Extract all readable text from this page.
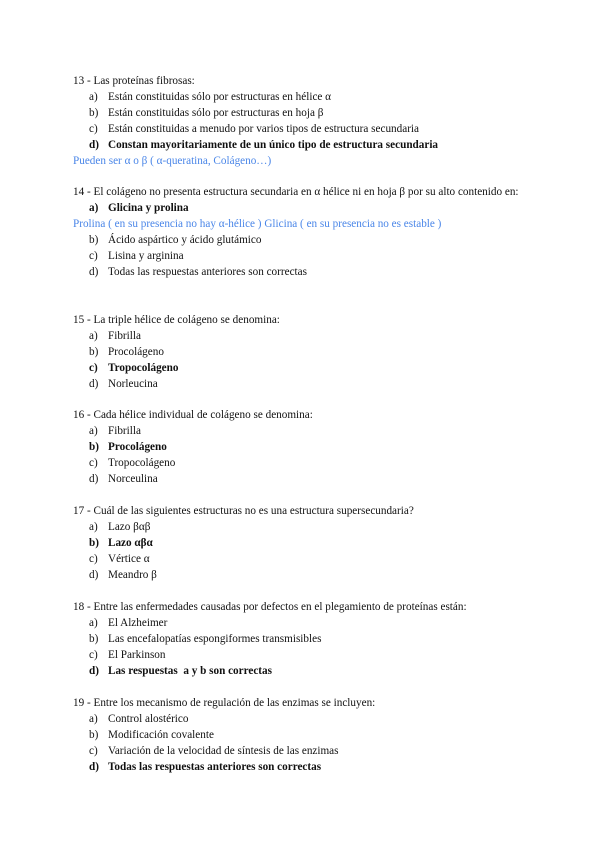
13 - Las proteínas fibrosas:

a) Están constituidas sólo por estructuras en hélice α
b) Están constituidas sólo por estructuras en hoja β
c) Están constituidas a menudo por varios tipos de estructura secundaria
d) Constan mayoritariamente de un único tipo de estructura secundaria
Pueden ser α o β ( α-queratina, Colágeno…)

14 - El colágeno no presenta estructura secundaria en α hélice ni en hoja β por su alto contenido en:

a) Glicina y prolina
Prolina ( en su presencia no hay α-hélice ) Glicina ( en su presencia no es estable )
b) Ácido aspártico y ácido glutámico
c) Lisina y arginina
d) Todas las respuestas anteriores son correctas

15 - La triple hélice de colágeno se denomina:

a) Fibrilla
b) Procolágeno
c) Tropocolágeno
d) Norleucina

16 - Cada hélice individual de colágeno se denomina:

a) Fibrilla
b) Procolágeno
c) Tropocolágeno
d) Norceulina

17 - Cuál de las siguientes estructuras no es una estructura supersecundaria?

a) Lazo βαβ
b) Lazo αβα
c) Vértice α
d) Meandro β

18 - Entre las enfermedades causadas por defectos en el plegamiento de proteínas están:

a) El Alzheimer
b) Las encefalopatías espongiformes transmisibles
c) El Parkinson
d) Las respuestas  a y b son correctas

19 - Entre los mecanismo de regulación de las enzimas se incluyen:

a) Control alostérico
b) Modificación covalente
c) Variación de la velocidad de síntesis de las enzimas
d) Todas las respuestas anteriores son correctas
